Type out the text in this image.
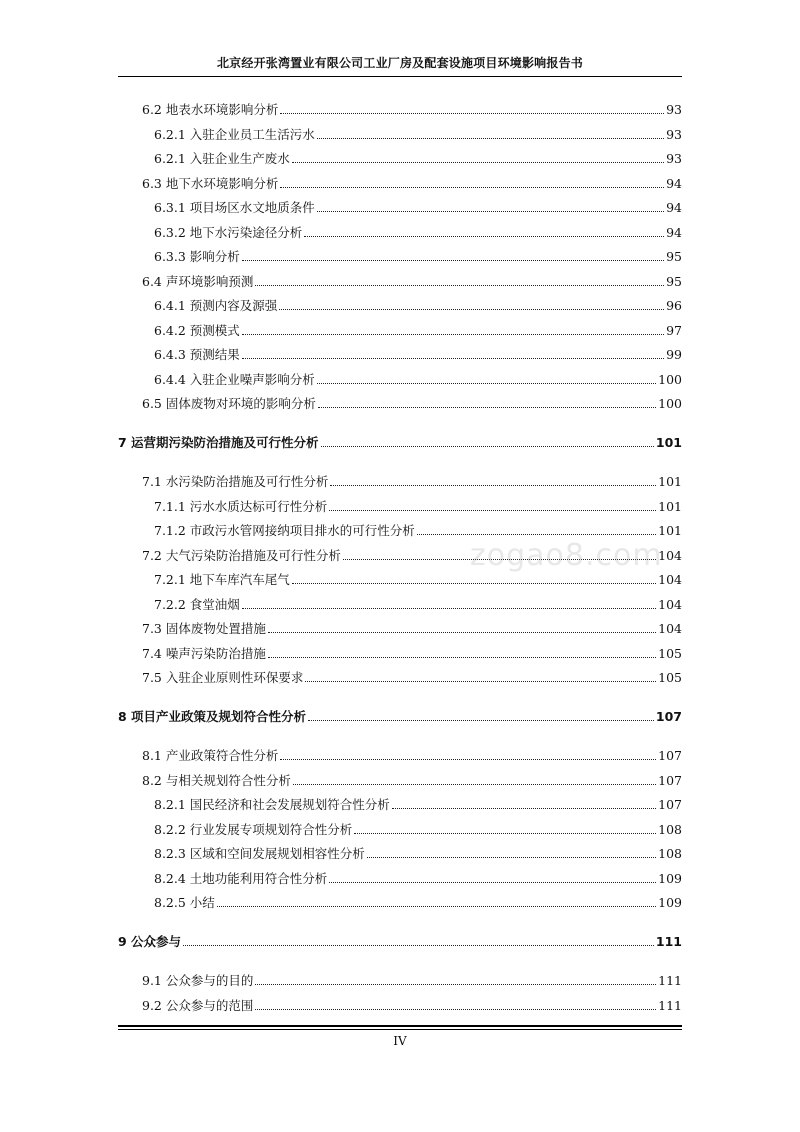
北京经开张湾置业有限公司工业厂房及配套设施项目环境影响报告书
6.2 地表水环境影响分析	93
6.2.1 入驻企业员工生活污水	93
6.2.1 入驻企业生产废水	93
6.3 地下水环境影响分析	94
6.3.1 项目场区水文地质条件	94
6.3.2 地下水污染途径分析	94
6.3.3 影响分析	95
6.4 声环境影响预测	95
6.4.1 预测内容及源强	96
6.4.2 预测模式	97
6.4.3 预测结果	99
6.4.4 入驻企业噪声影响分析	100
6.5 固体废物对环境的影响分析	100
7 运营期污染防治措施及可行性分析	101
7.1 水污染防治措施及可行性分析	101
7.1.1 污水水质达标可行性分析	101
7.1.2 市政污水管网接纳项目排水的可行性分析	101
7.2 大气污染防治措施及可行性分析	104
7.2.1 地下车库汽车尾气	104
7.2.2 食堂油烟	104
7.3 固体废物处置措施	104
7.4 噪声污染防治措施	105
7.5 入驻企业原则性环保要求	105
8 项目产业政策及规划符合性分析	107
8.1 产业政策符合性分析	107
8.2 与相关规划符合性分析	107
8.2.1 国民经济和社会发展规划符合性分析	107
8.2.2 行业发展专项规划符合性分析	108
8.2.3 区域和空间发展规划相容性分析	108
8.2.4 土地功能利用符合性分析	109
8.2.5 小结	109
9 公众参与	111
9.1 公众参与的目的	111
9.2 公众参与的范围	111
zogao8.com
IV
